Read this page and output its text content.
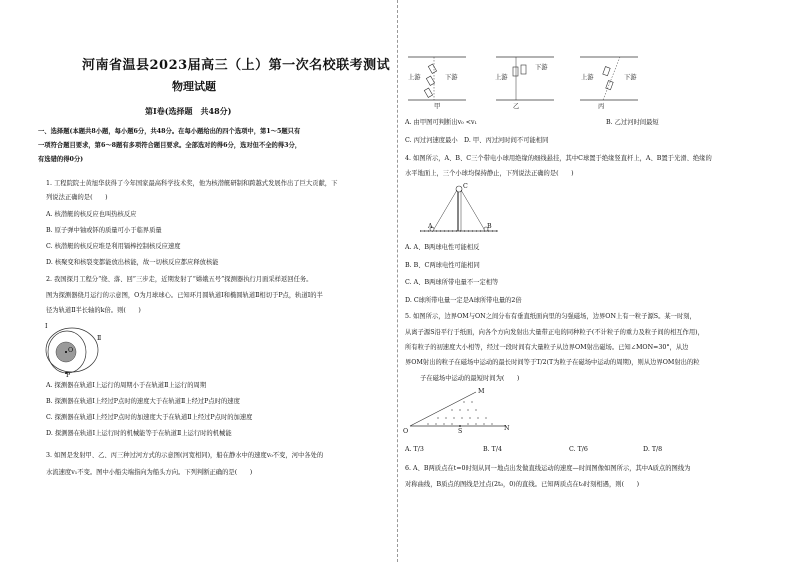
河南省温县2023届高三（上）第一次名校联考测试
物理试题
第Ⅰ卷(选择题　共48分)
一、选择题(本题共8小题，每小题6分，共48分。在每小题给出的四个选项中，第1～5题只有
一项符合题目要求，第6～8题有多项符合题目要求。全部选对的得6分，选对但不全的得3分，
有选错的得0分)
1. 工程院院士黄旭华获得了今年国家最高科学技术奖，他为核潜艇研制和跨越式发展作出了巨大贡献，下
列说法正确的是(　　)
A. 核潜艇的核反应也叫热核反应
B. 原子弹中铀或钚的质量可小于临界质量
C. 核潜艇的核反应堆是利用镉棒控制核反应速度
D. 核聚变和核裂变都能放出核能，故一切核反应都应释放核能
2. 我国探月工程分“绕、落、回”三步走，近期发射了“嫦娥五号”探测器执行月面采样返回任务。
图为探测器绕月运行的示意图，O为月球球心。已知环月圆轨道Ⅰ和椭圆轨道Ⅱ相切于P点，轨道Ⅰ的半
径为轨道Ⅱ半长轴的k倍。则(　　)
Ⅰ
Ⅱ
O
P
A. 探测器在轨道Ⅰ上运行的周期小于在轨道Ⅱ上运行的周期
B. 探测器在轨道Ⅰ上经过P点时的速度大于在轨道Ⅱ上经过P点时的速度
C. 探测器在轨道Ⅰ上经过P点时的加速度大于在轨道Ⅱ上经过P点时的加速度
D. 探测器在轨道Ⅰ上运行时的机械能等于在轨道Ⅱ上运行时的机械能
3. 如图是发射甲、乙、丙三种过河方式的示意图(河宽相同)，船在静水中的速度v₀不变，河中各处的
水流速度v₁不变。图中小船尖端指向为船头方向。下列判断正确的是(　　)
上游	下游	上游
下游
上游	下游
甲	乙	丙
A. 由甲图可判断出v₀ <v₁	B. 乙过河时间最短
C. 丙过河速度最小 D. 甲、丙过河时间不可能相同
4. 如图所示，A、B、C三个带电小球用绝缘的细线悬挂，其中C球置于绝缘竖直杆上，A、B置于光滑、绝缘的
水平地面上，三个小球均保持静止，下列说法正确的是(　　)
C
A	B
A. A、B两球电性可能相反
B. B、C两球电性可能相同
C. A、B两球所带电量不一定相等
D. C球所带电量一定是A球所带电量的2倍
5. 如图所示，边界OM与ON之间分布有垂直纸面向里的匀强磁场，边界ON上有一粒子源S。某一时刻，
从离子源S沿平行于纸面，向各个方向发射出大量带正电的同种粒子(不计粒子的重力及粒子间的相互作用)，
所有粒子的初速度大小相等，经过一段时间有大量粒子从边界OM射出磁场。已知∠MON=30°，从边
界OM射出的粒子在磁场中运动的最长时间等于T/2(T为粒子在磁场中运动的周期)，则从边界OM射出的粒
子在磁场中运动的最短时间为(　　)
M
O	S	N
A. T/3	B. T/4	C. T/6	D. T/8
6. A、B两质点在t=0时刻从同一地点出发做直线运动的速度—时间图像如图所示，其中A质点的图线为
对称曲线，B质点的图线是过点(2t₀，0)的直线。已知两质点在t₀时刻相遇，则(　　)
